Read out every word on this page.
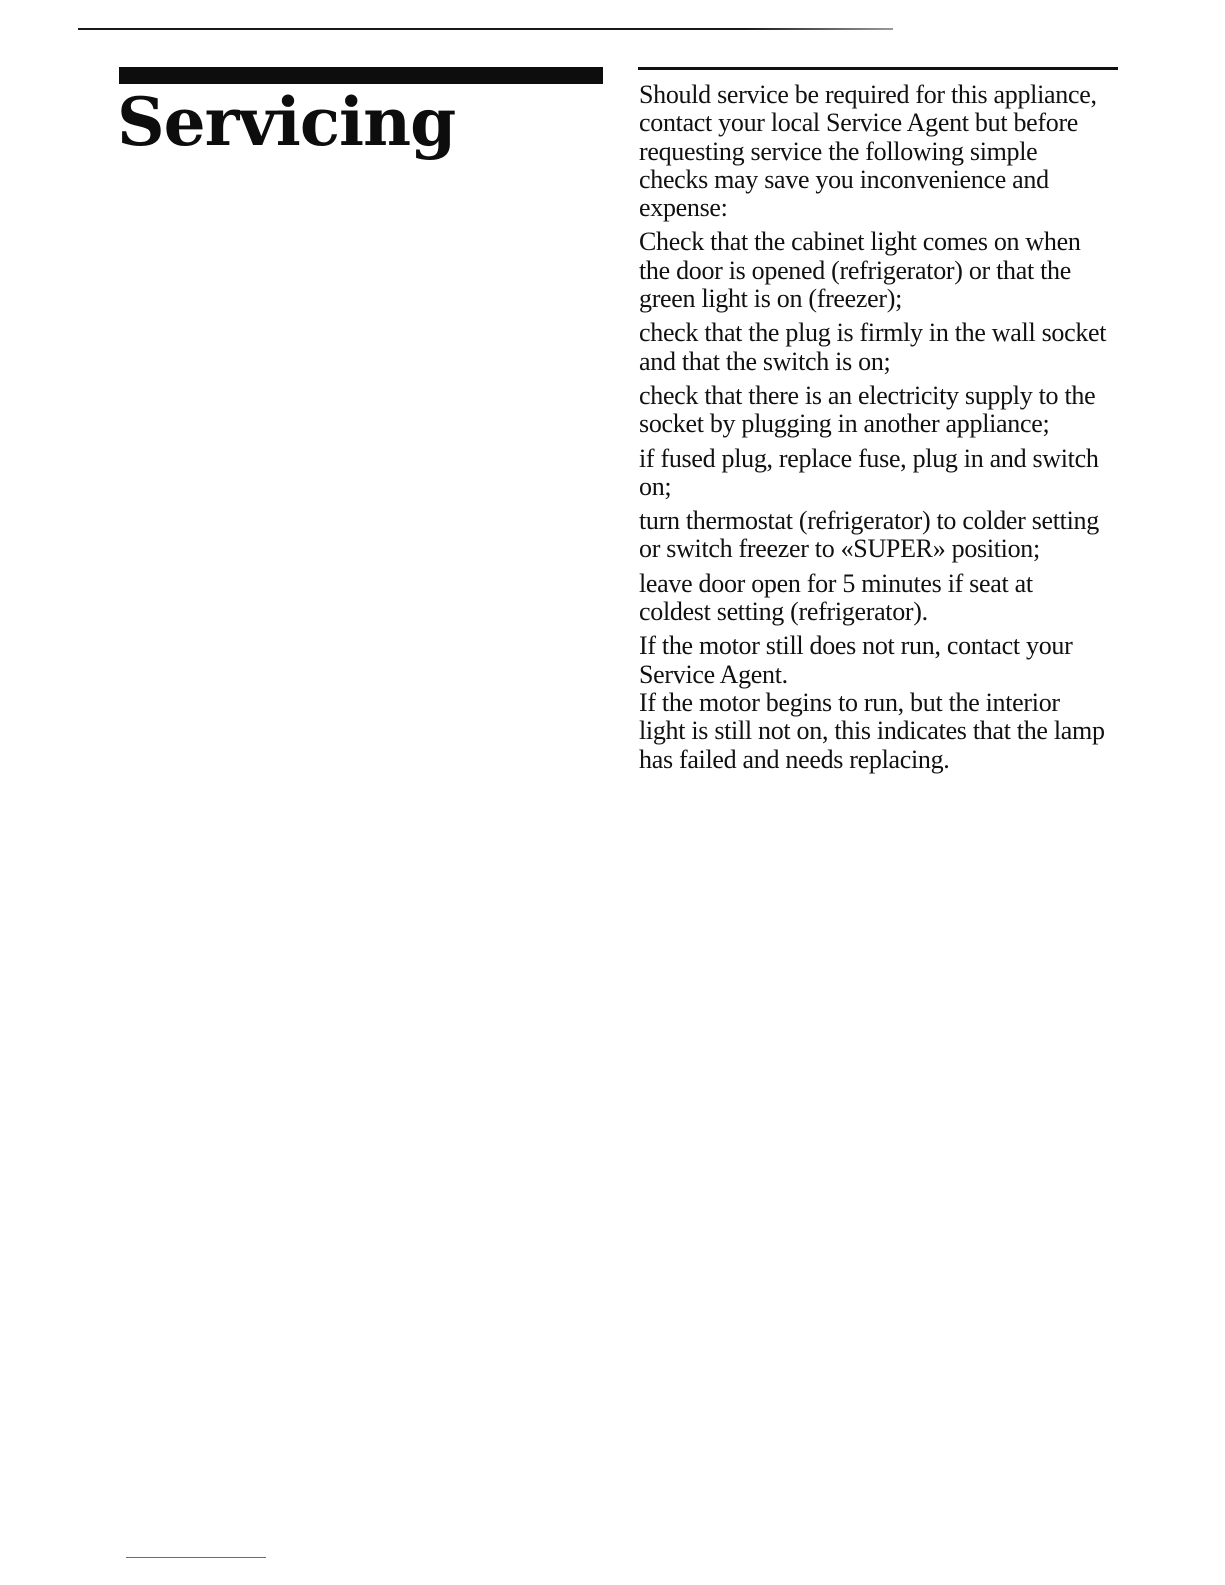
Servicing	Should service be required for this appliance, contact your local Service Agent but before requesting service the following simple checks may save you inconvenience and expense:

Check that the cabinet light comes on when the door is opened (refrigerator) or that the green light is on (freezer);

check that the plug is firmly in the wall socket and that the switch is on;

check that there is an electricity supply to the socket by plugging in another appliance;

if fused plug, replace fuse, plug in and switch on;

turn thermostat (refrigerator) to colder setting or switch freezer to «SUPER» position;

leave door open for 5 minutes if seat at coldest setting (refrigerator).

If the motor still does not run, contact your Service Agent.

If the motor begins to run, but the interior light is still not on, this indicates that the lamp has failed and needs replacing.
